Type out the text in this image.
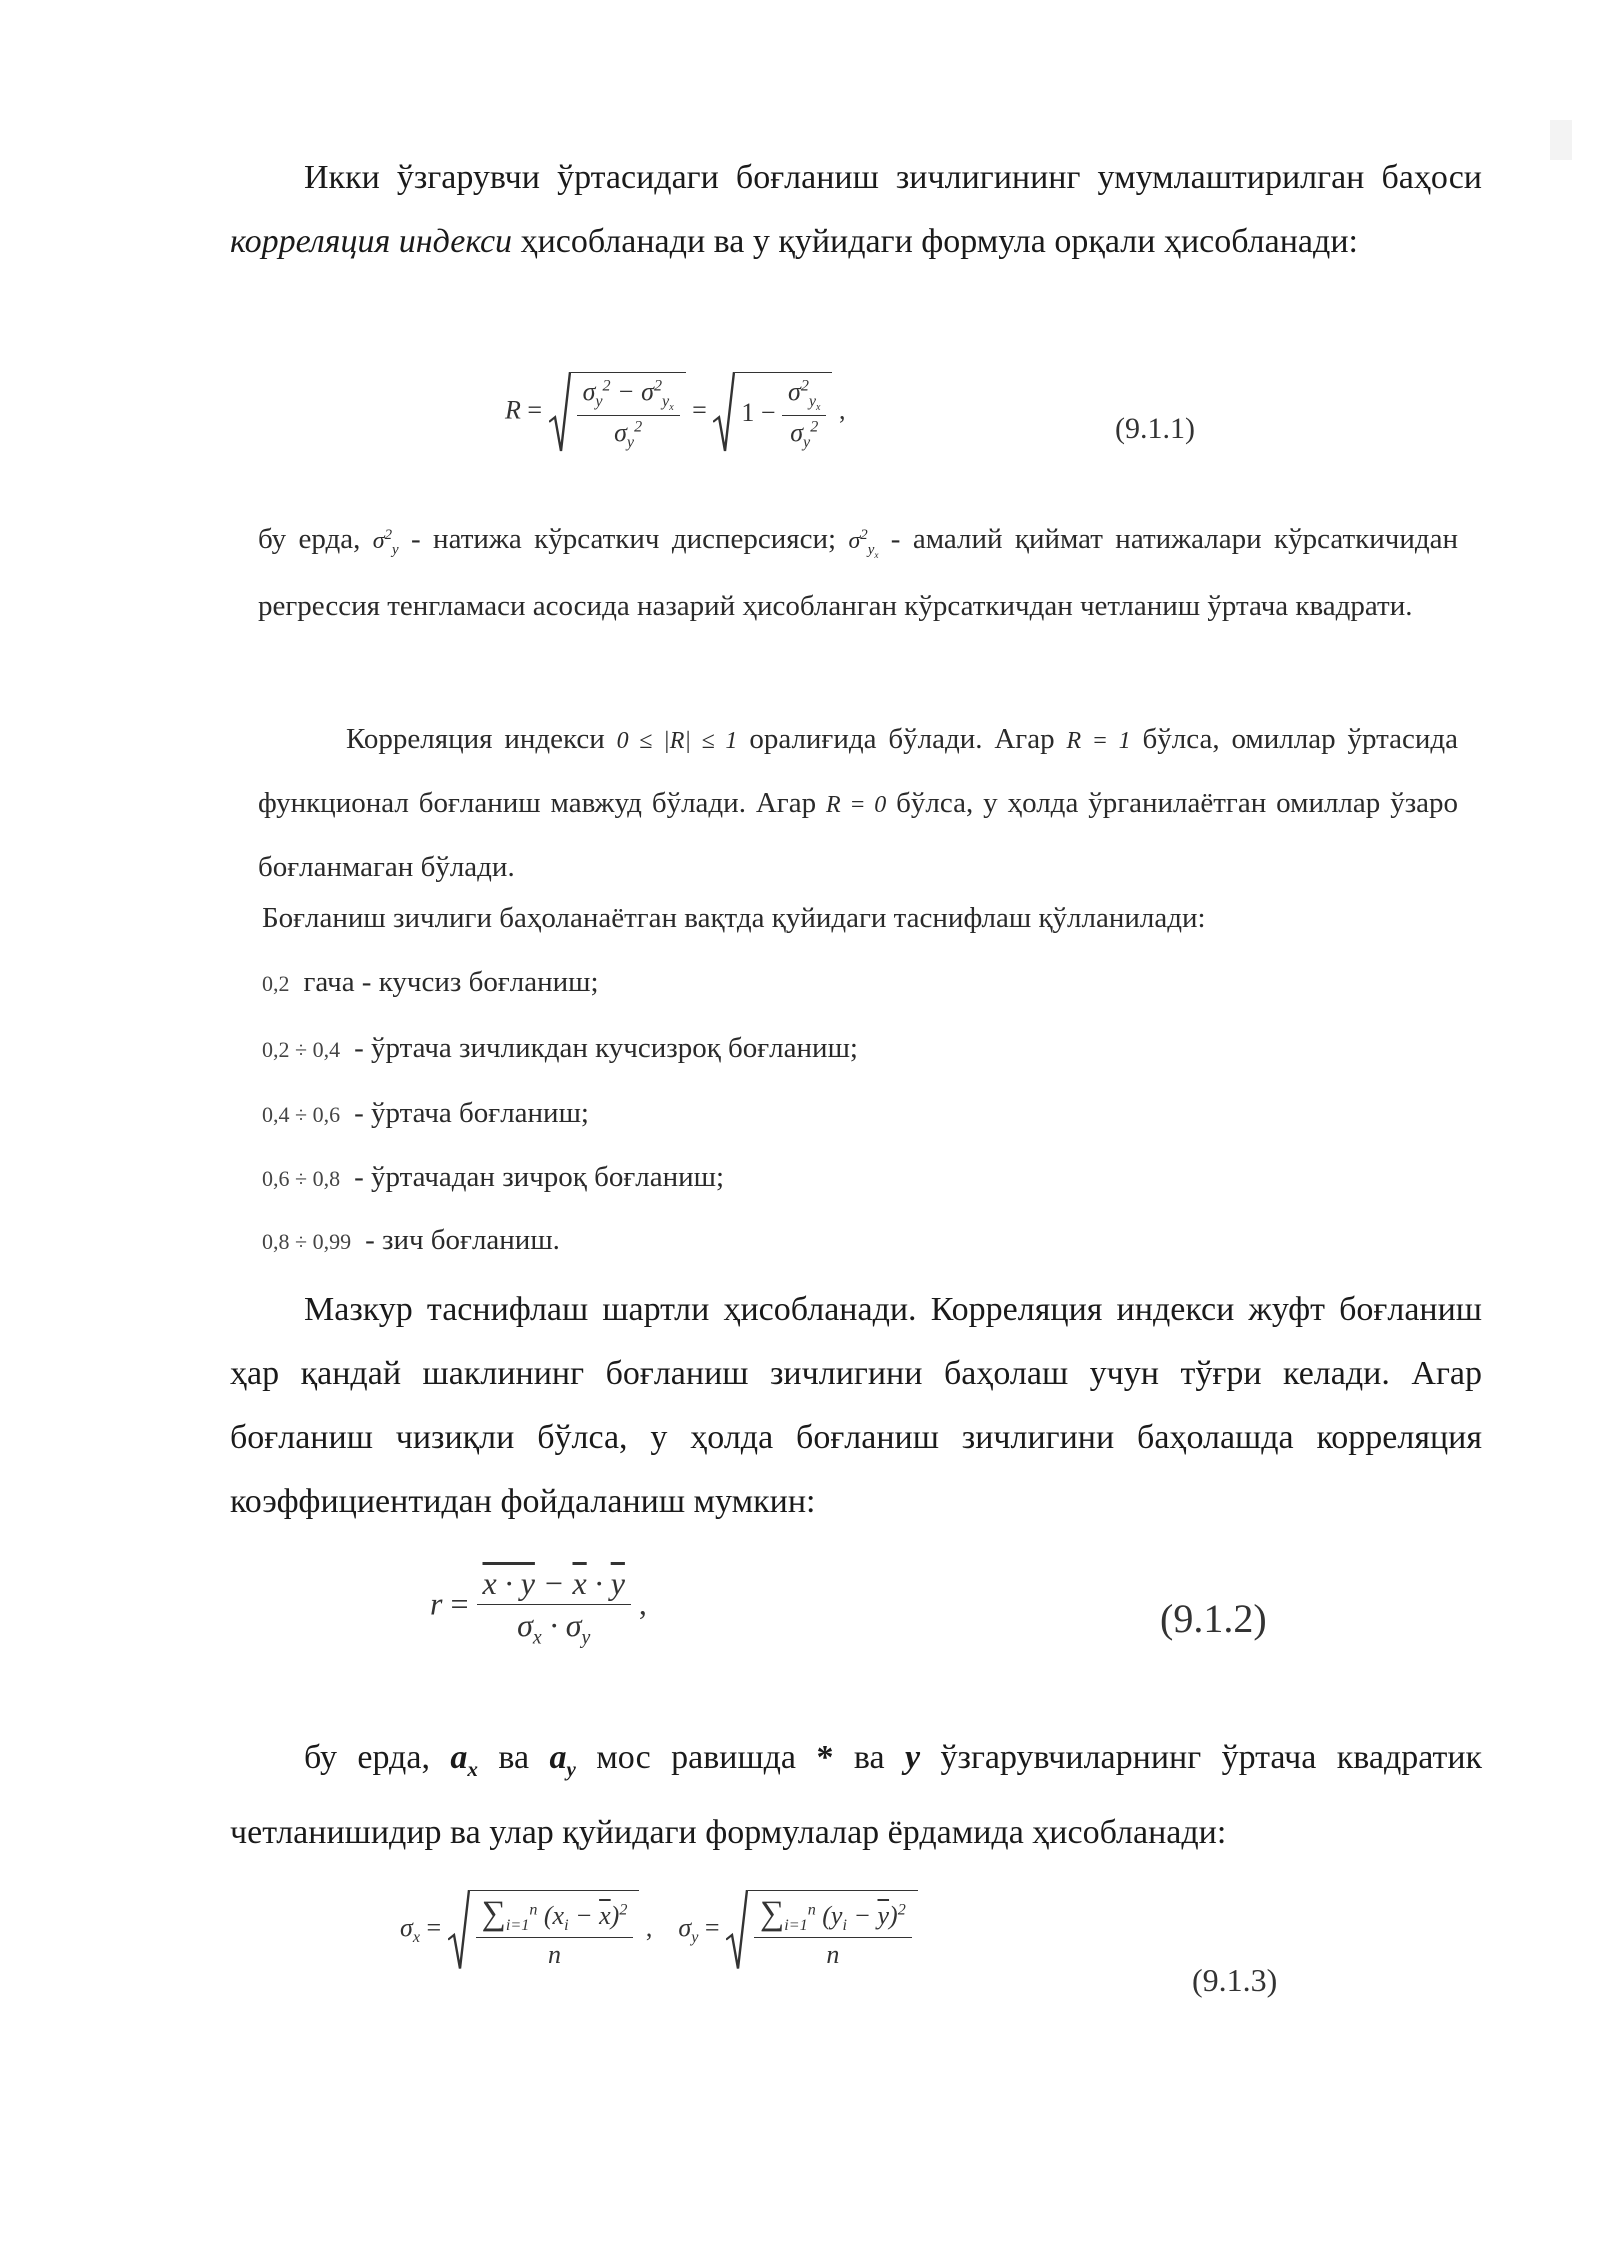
Икки ўзгарувчи ўртасидаги боғланиш зичлигининг умумлаштирилган баҳоси корреляция индекси ҳисобланади ва у қуйидаги формула орқали ҳисобланади:

$R = \frac{\sigma_y^2 - \sigma^2_{y_x}}{\sigma_y^2}$ =
$1 - \frac{\sigma^2_{y_x}}{\sigma_y^2}$ ,
(9.1.1)

бу ерда, $\sigma^2_y$ - натижа кўрсаткич дисперсияси; $\sigma^2_{y_x}$ - амалий қиймат натижалари кўрсаткичидан регрессия тенгламаси асосида назарий ҳисобланган кўрсаткичдан четланиш ўртача квадрати.

Корреляция индекси 0 ≤ |R| ≤ 1 оралиғида бўлади. Агар R = 1 бўлса, омиллар ўртасида функционал боғланиш мавжуд бўлади. Агар R = 0 бўлса, у ҳолда ўрганилаётган омиллар ўзаро боғланмаган бўлади.

Боғланиш зичлиги баҳоланаётган вақтда қуйидаги таснифлаш қўлланилади:
0,2 гача - кучсиз боғланиш;
0,2 ÷ 0,4 - ўртача зичликдан кучсизроқ боғланиш;
0,4 ÷ 0,6 - ўртача боғланиш;
0,6 ÷ 0,8 - ўртачадан зичроқ боғланиш;
0,8 ÷ 0,99 - зич боғланиш.

Мазкур таснифлаш шартли ҳисобланади. Корреляция индекси жуфт боғланиш ҳар қандай шаклининг боғланиш зичлигини баҳолаш учун тўғри келади. Агар боғланиш чизиқли бўлса, у ҳолда боғланиш зичлигини баҳолашда корреляция коэффициентидан фойдаланиш мумкин:

$r = \frac{x \cdot y - \overline{x} \cdot \overline{y}}{\sigma_x \cdot \sigma_y}$ ,	(9.1.2)

бу ерда, $a_x$ ва $a_y$ мос равишда * ва y ўзгарувчиларнинг ўртача квадратик четланишидир ва улар қуйидаги формулалар ёрдамида ҳисобланади:

$\sigma_x = \frac{\sum_{i=1}^n (x_i - \overline{x})^2}{n}$ ,    $\sigma_y = \frac{\sum_{i=1}^n (y_i - \overline{y})^2}{n}$
(9.1.3)
